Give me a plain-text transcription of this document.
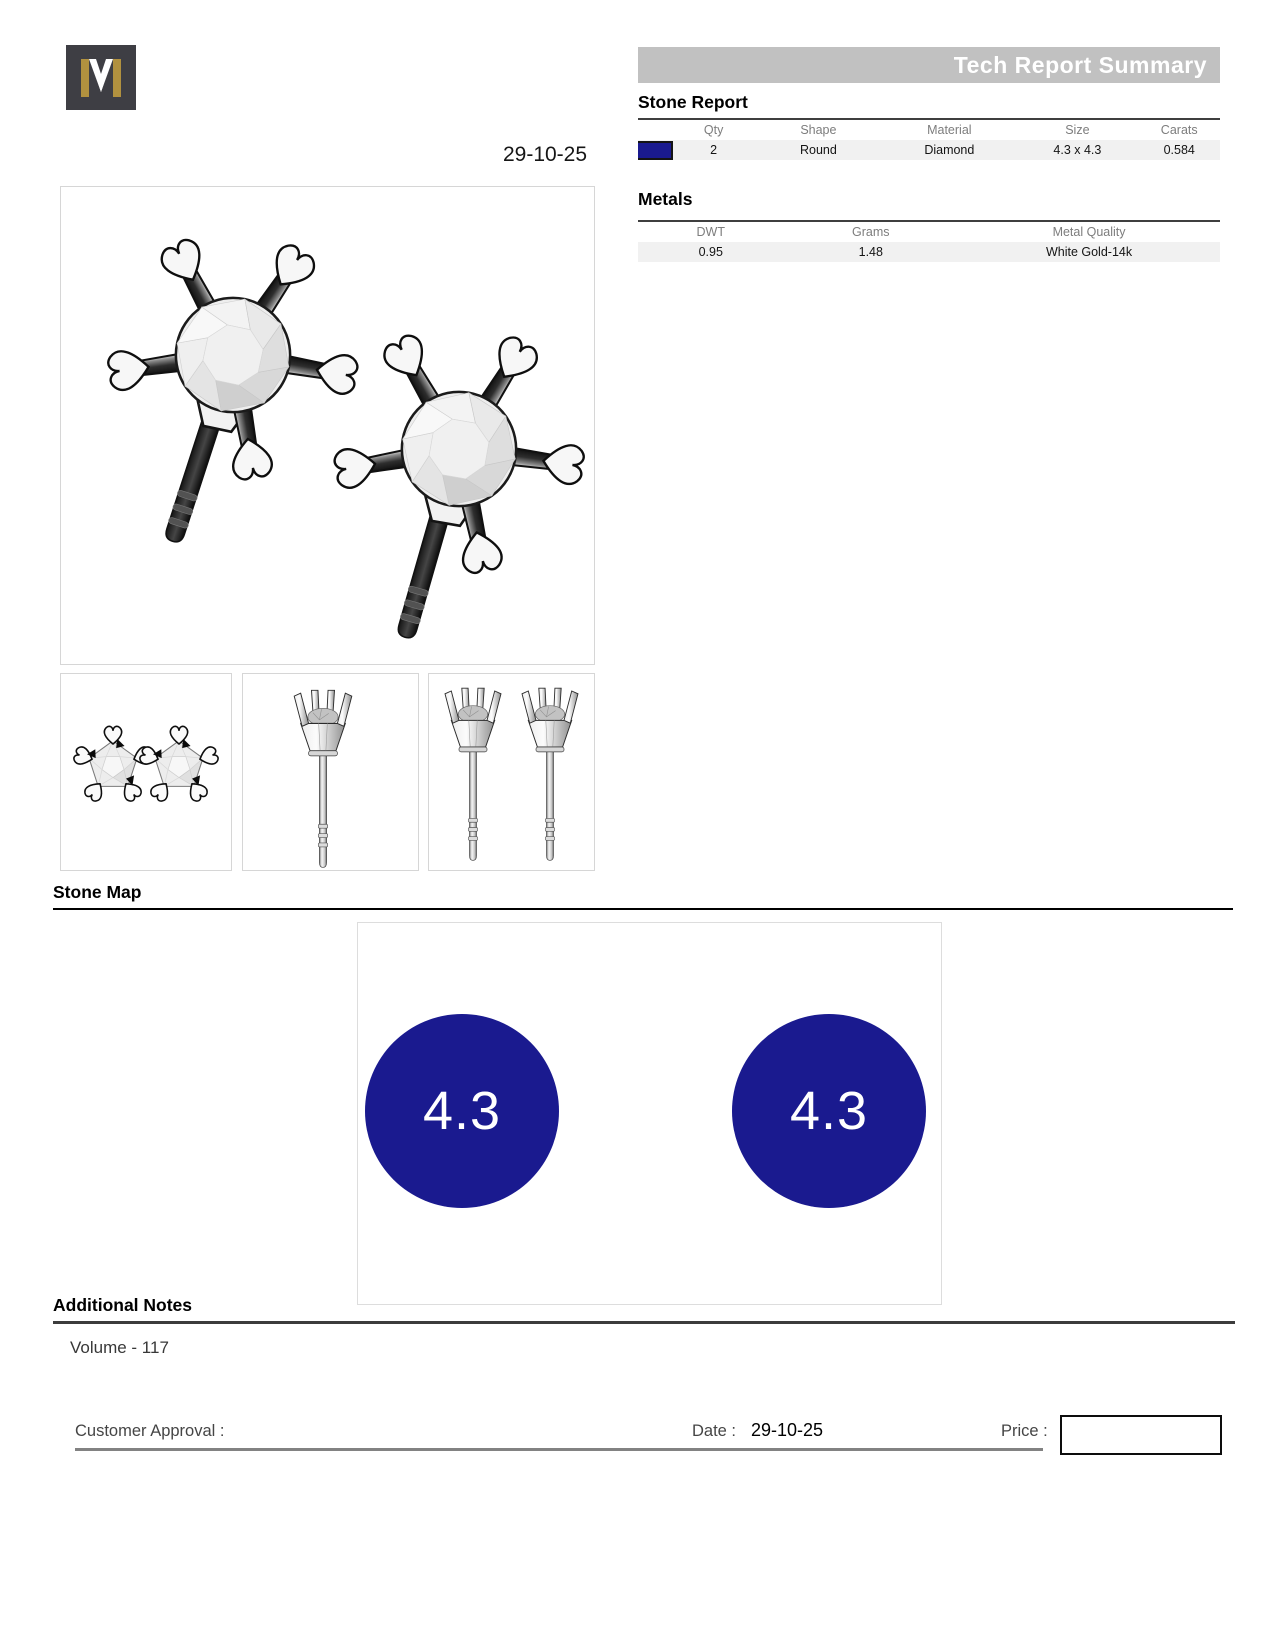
Tech Report Summary
29-10-25
Stone Report
Qty	Shape	Material	Size	Carats
2	Round	Diamond	4.3 x 4.3	0.584
Metals
DWT	Grams	Metal Quality
0.95	1.48	White Gold-14k
Stone Map
4.3	4.3
Additional Notes
Volume - 117
Customer Approval :	Date : 29-10-25	Price :
